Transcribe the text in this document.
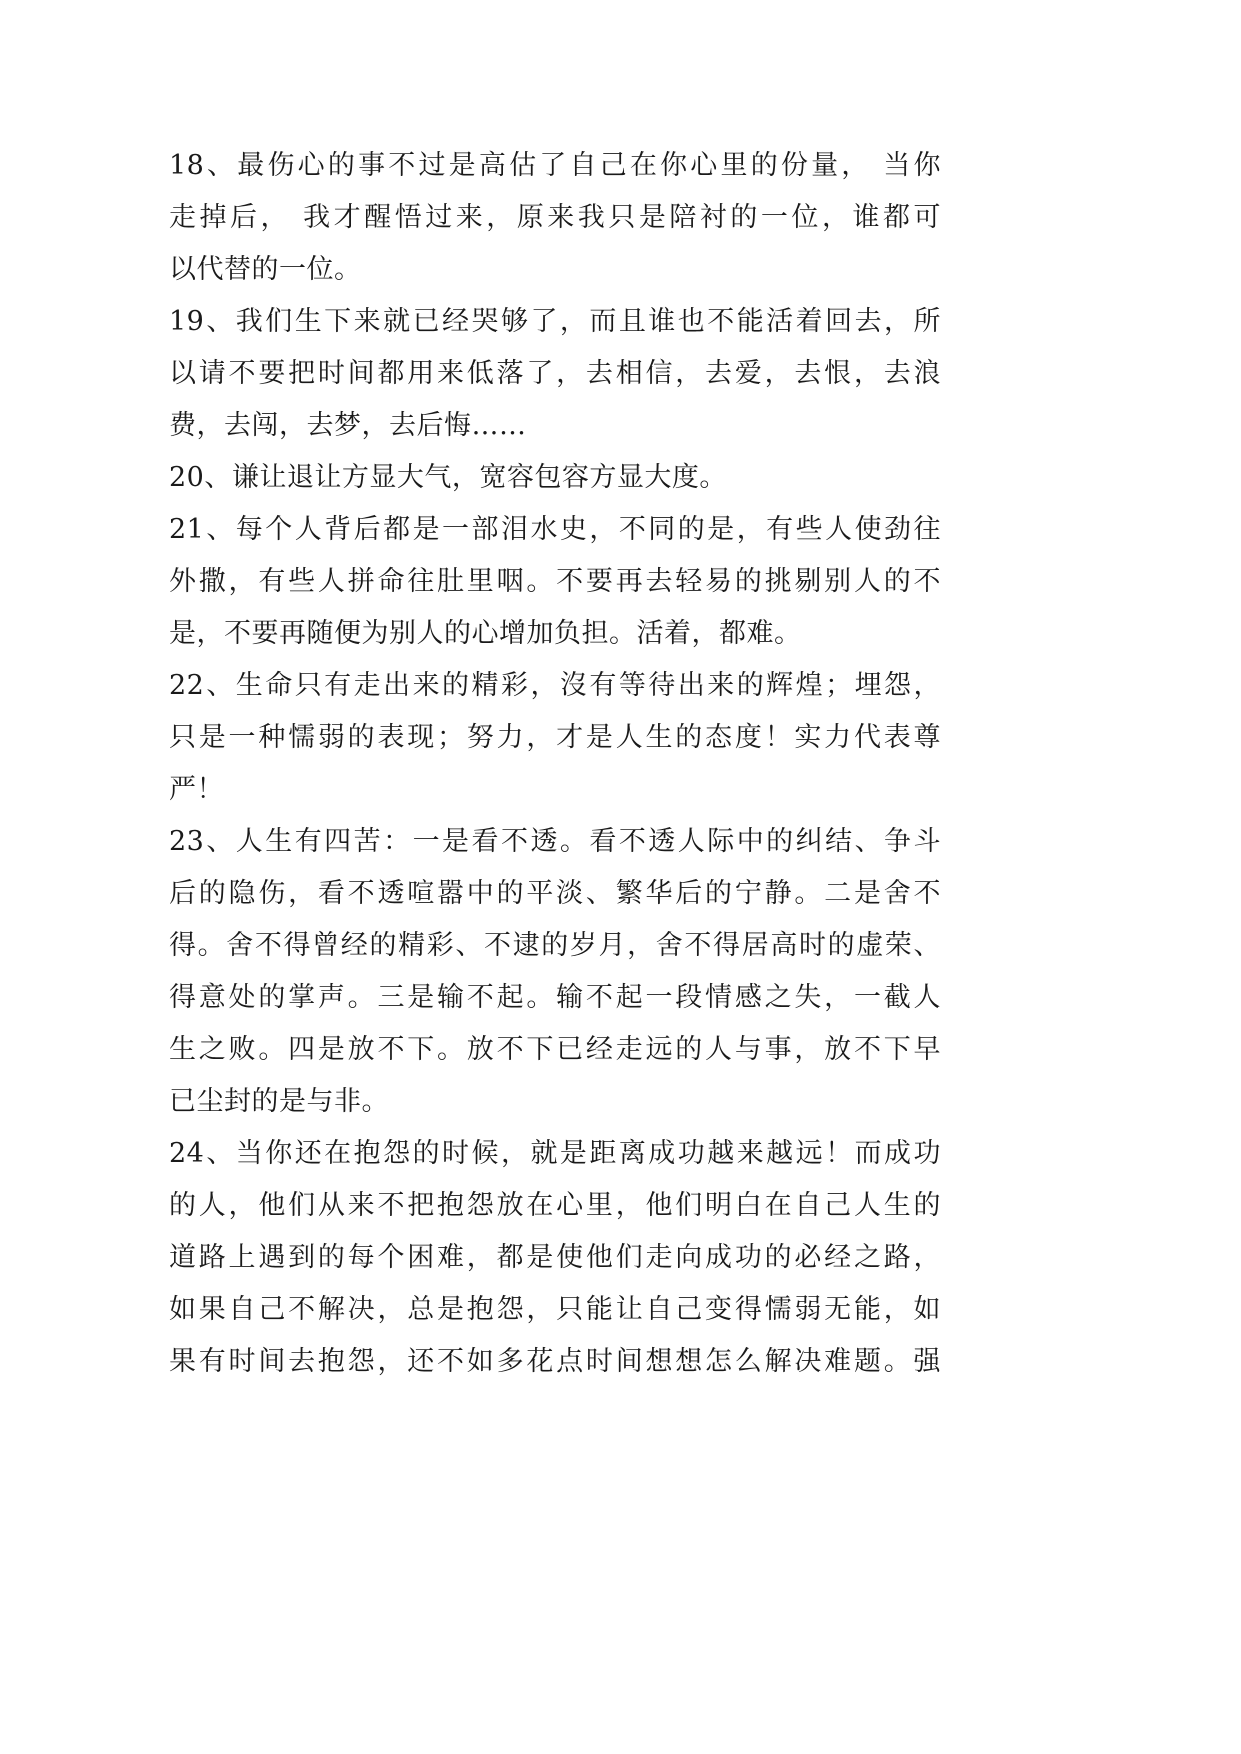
18、最伤心的事不过是高估了自己在你心里的份量， 当你
走掉后， 我才醒悟过来，原来我只是陪衬的一位，谁都可
以代替的一位。
19、我们生下来就已经哭够了，而且谁也不能活着回去，所
以请不要把时间都用来低落了，去相信，去爱，去恨，去浪
费，去闯，去梦，去后悔……
20、谦让退让方显大气，宽容包容方显大度。
21、每个人背后都是一部泪水史，不同的是，有些人使劲往
外撒，有些人拼命往肚里咽。不要再去轻易的挑剔别人的不
是，不要再随便为别人的心增加负担。活着，都难。
22、生命只有走出来的精彩，沒有等待出来的辉煌；埋怨，
只是一种懦弱的表现；努力，才是人生的态度！实力代表尊
严！
23、人生有四苦：一是看不透。看不透人际中的纠结、争斗
后的隐伤，看不透喧嚣中的平淡、繁华后的宁静。二是舍不
得。舍不得曾经的精彩、不逮的岁月，舍不得居高时的虚荣、
得意处的掌声。三是输不起。输不起一段情感之失，一截人
生之败。四是放不下。放不下已经走远的人与事，放不下早
已尘封的是与非。
24、当你还在抱怨的时候，就是距离成功越来越远！而成功
的人，他们从来不把抱怨放在心里，他们明白在自己人生的
道路上遇到的每个困难，都是使他们走向成功的必经之路，
如果自己不解决，总是抱怨，只能让自己变得懦弱无能，如
果有时间去抱怨，还不如多花点时间想想怎么解决难题。强
